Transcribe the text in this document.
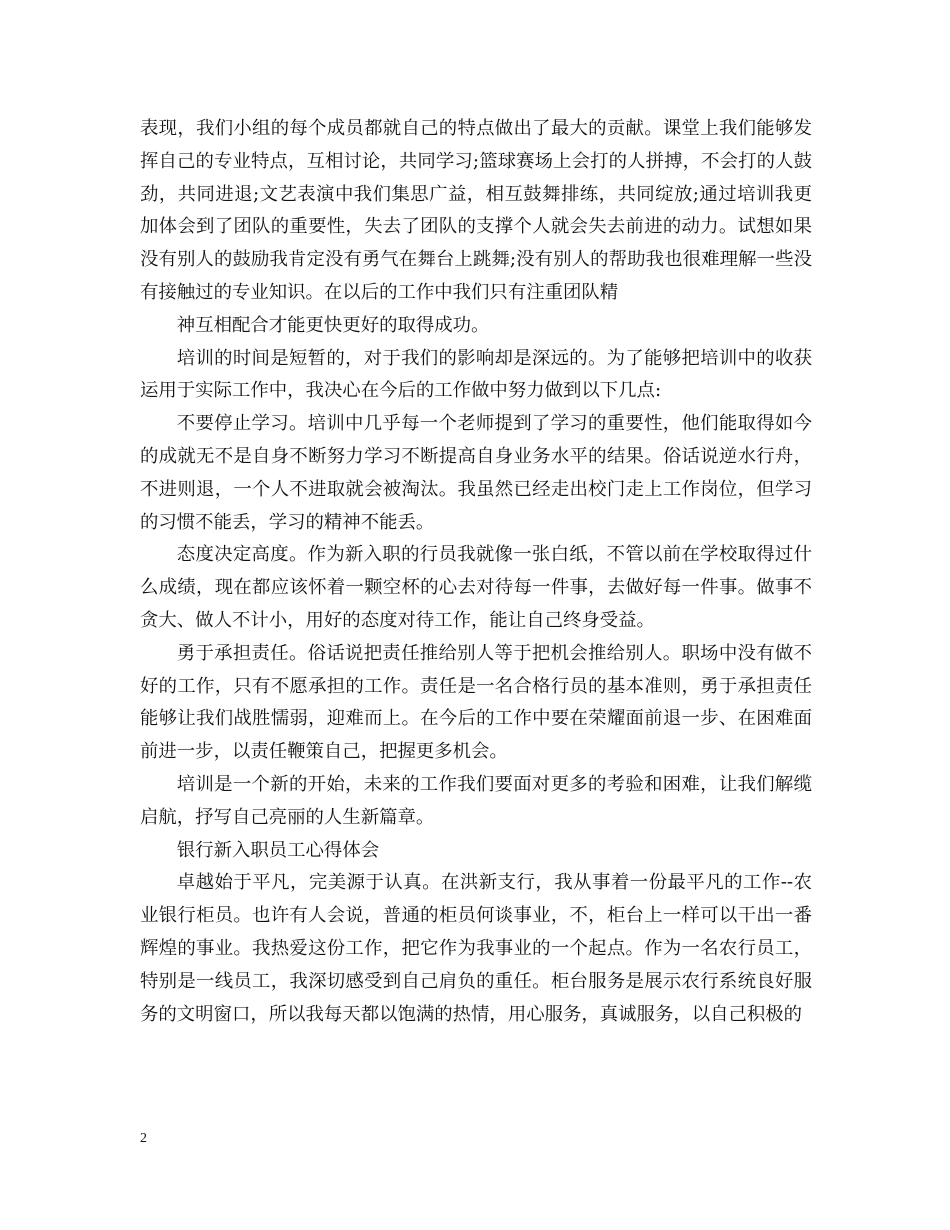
表现，我们小组的每个成员都就自己的特点做出了最大的贡献。课堂上我们能够发挥自己的专业特点，互相讨论，共同学习;篮球赛场上会打的人拼搏，不会打的人鼓劲，共同进退;文艺表演中我们集思广益，相互鼓舞排练，共同绽放;通过培训我更加体会到了团队的重要性，失去了团队的支撑个人就会失去前进的动力。试想如果没有别人的鼓励我肯定没有勇气在舞台上跳舞;没有别人的帮助我也很难理解一些没有接触过的专业知识。在以后的工作中我们只有注重团队精

神互相配合才能更快更好的取得成功。

培训的时间是短暂的，对于我们的影响却是深远的。为了能够把培训中的收获运用于实际工作中，我决心在今后的工作做中努力做到以下几点:

不要停止学习。培训中几乎每一个老师提到了学习的重要性，他们能取得如今的成就无不是自身不断努力学习不断提高自身业务水平的结果。俗话说逆水行舟，不进则退，一个人不进取就会被淘汰。我虽然已经走出校门走上工作岗位，但学习的习惯不能丢，学习的精神不能丢。

态度决定高度。作为新入职的行员我就像一张白纸，不管以前在学校取得过什么成绩，现在都应该怀着一颗空杯的心去对待每一件事，去做好每一件事。做事不贪大、做人不计小，用好的态度对待工作，能让自己终身受益。

勇于承担责任。俗话说把责任推给别人等于把机会推给别人。职场中没有做不好的工作，只有不愿承担的工作。责任是一名合格行员的基本准则，勇于承担责任能够让我们战胜懦弱，迎难而上。在今后的工作中要在荣耀面前退一步、在困难面前进一步，以责任鞭策自己，把握更多机会。

培训是一个新的开始，未来的工作我们要面对更多的考验和困难，让我们解缆启航，抒写自己亮丽的人生新篇章。

银行新入职员工心得体会

卓越始于平凡，完美源于认真。在洪新支行，我从事着一份最平凡的工作--农业银行柜员。也许有人会说，普通的柜员何谈事业，不，柜台上一样可以干出一番辉煌的事业。我热爱这份工作，把它作为我事业的一个起点。作为一名农行员工，特别是一线员工，我深切感受到自己肩负的重任。柜台服务是展示农行系统良好服务的文明窗口，所以我每天都以饱满的热情，用心服务，真诚服务，以自己积极的

2
